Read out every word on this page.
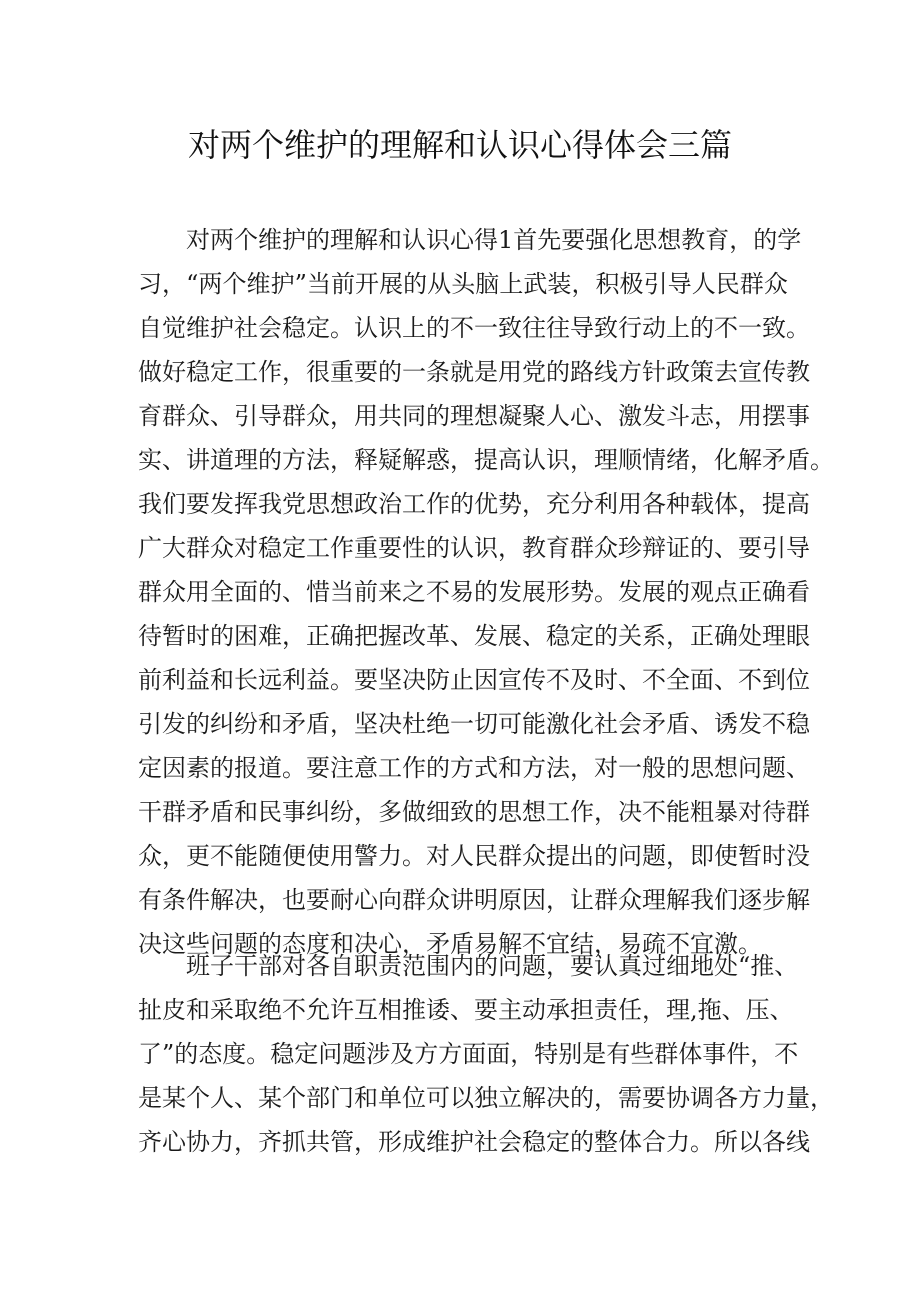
对两个维护的理解和认识心得体会三篇
对 两 个 维 护 的 理 解 和 认 识 心 得 1 首 先 要 强 化 思 想 教 育 ， 的 学
习 ， “ 两 个 维 护 ” 当 前 开 展 的 从 头 脑 上 武 装 ， 积 极 引 导 人 民 群 众
自 觉 维 护 社 会 稳 定 。 认 识 上 的 不 一 致 往 往 导 致 行 动 上 的 不 一 致 。
做 好 稳 定 工 作 ， 很 重 要 的 一 条 就 是 用 党 的 路 线 方 针 政 策 去 宣 传 教
育 群 众 、 引 导 群 众 ， 用 共 同 的 理 想 凝 聚 人 心 、 激 发 斗 志 ， 用 摆 事
实 、 讲 道 理 的 方 法 ， 释 疑 解 惑 ， 提 高 认 识 ， 理 顺 情 绪 ， 化 解 矛 盾 。
我 们 要 发 挥 我 党 思 想 政 治 工 作 的 优 势 ， 充 分 利 用 各 种 载 体 ， 提 高
广 大 群 众 对 稳 定 工 作 重 要 性 的 认 识 ， 教 育 群 众 珍 辩 证 的 、 要 引 导
群 众 用 全 面 的 、 惜 当 前 来 之 不 易 的 发 展 形 势 。 发 展 的 观 点 正 确 看
待 暂 时 的 困 难 ， 正 确 把 握 改 革 、 发 展 、 稳 定 的 关 系 ， 正 确 处 理 眼
前 利 益 和 长 远 利 益 。 要 坚 决 防 止 因 宣 传 不 及 时 、 不 全 面 、 不 到 位
引 发 的 纠 纷 和 矛 盾 ， 坚 决 杜 绝 一 切 可 能 激 化 社 会 矛 盾 、 诱 发 不 稳
定 因 素 的 报 道 。 要 注 意 工 作 的 方 式 和 方 法 ， 对 一 般 的 思 想 问 题 、
干 群 矛 盾 和 民 事 纠 纷 ， 多 做 细 致 的 思 想 工 作 ， 决 不 能 粗 暴 对 待 群
众 ， 更 不 能 随 便 使 用 警 力 。 对 人 民 群 众 提 出 的 问 题 ， 即 使 暂 时 没
有 条 件 解 决 ， 也 要 耐 心 向 群 众 讲 明 原 因 ， 让 群 众 理 解 我 们 逐 步 解
决这些问题的态度和决心，矛盾易解不宜结，易疏不宜激。
班 子 干 部 对 各 自 职 责 范 围 内 的 问 题 ， 要 认 真 过 细 地 处 “ 推 、
扯 皮 和 采 取 绝 不 允 许 互 相 推 诿 、 要 主 动 承 担 责 任 ， 理 , 拖 、 压 、
了 ” 的 态 度 。 稳 定 问 题 涉 及 方 方 面 面 ， 特 别 是 有 些 群 体 事 件 ， 不
是 某 个 人 、 某 个 部 门 和 单 位 可 以 独 立 解 决 的 ， 需 要 协 调 各 方 力 量 ，
齐 心 协 力 ， 齐 抓 共 管 ， 形 成 维 护 社 会 稳 定 的 整 体 合 力 。 所 以 各 线
